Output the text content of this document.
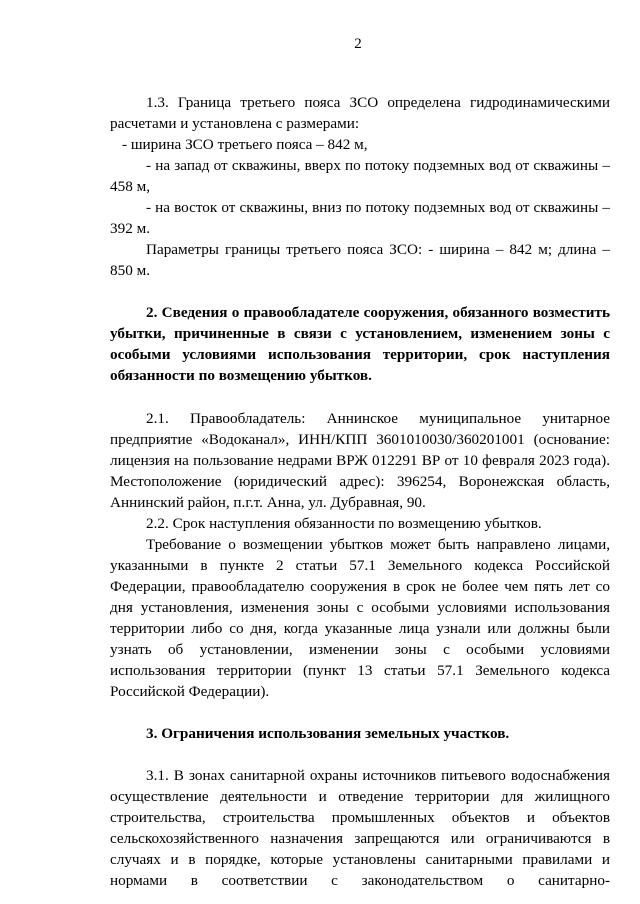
2
1.3. Граница третьего пояса ЗСО определена гидродинамическими
расчетами и установлена с размерами:
- ширина ЗСО третьего пояса – 842 м,
- на запад от скважины, вверх по потоку подземных вод от скважины –
458 м,
- на восток от скважины, вниз по потоку подземных вод от скважины –
392 м.
Параметры границы третьего пояса ЗСО: - ширина – 842 м; длина –
850 м.
2. Сведения о правообладателе сооружения, обязанного возместить
убытки, причиненные в связи с установлением, изменением зоны с
особыми условиями использования территории, срок наступления
обязанности по возмещению убытков.
2.1. Правообладатель: Аннинское муниципальное унитарное
предприятие «Водоканал», ИНН/КПП 3601010030/360201001 (основание:
лицензия на пользование недрами ВРЖ 012291 ВР от 10 февраля 2023 года).
Местоположение (юридический адрес): 396254, Воронежская область,
Аннинский район, п.г.т. Анна, ул. Дубравная, 90.
2.2. Срок наступления обязанности по возмещению убытков.
Требование о возмещении убытков может быть направлено лицами,
указанными в пункте 2 статьи 57.1 Земельного кодекса Российской
Федерации, правообладателю сооружения в срок не более чем пять лет со
дня установления, изменения зоны с особыми условиями использования
территории либо со дня, когда указанные лица узнали или должны были
узнать об установлении, изменении зоны с особыми условиями
использования территории (пункт 13 статьи 57.1 Земельного кодекса
Российской Федерации).
3. Ограничения использования земельных участков.
3.1. В зонах санитарной охраны источников питьевого водоснабжения
осуществление деятельности и отведение территории для жилищного
строительства, строительства промышленных объектов и объектов
сельскохозяйственного назначения запрещаются или ограничиваются в
случаях и в порядке, которые установлены санитарными правилами и
нормами в соответствии с законодательством о санитарно-
